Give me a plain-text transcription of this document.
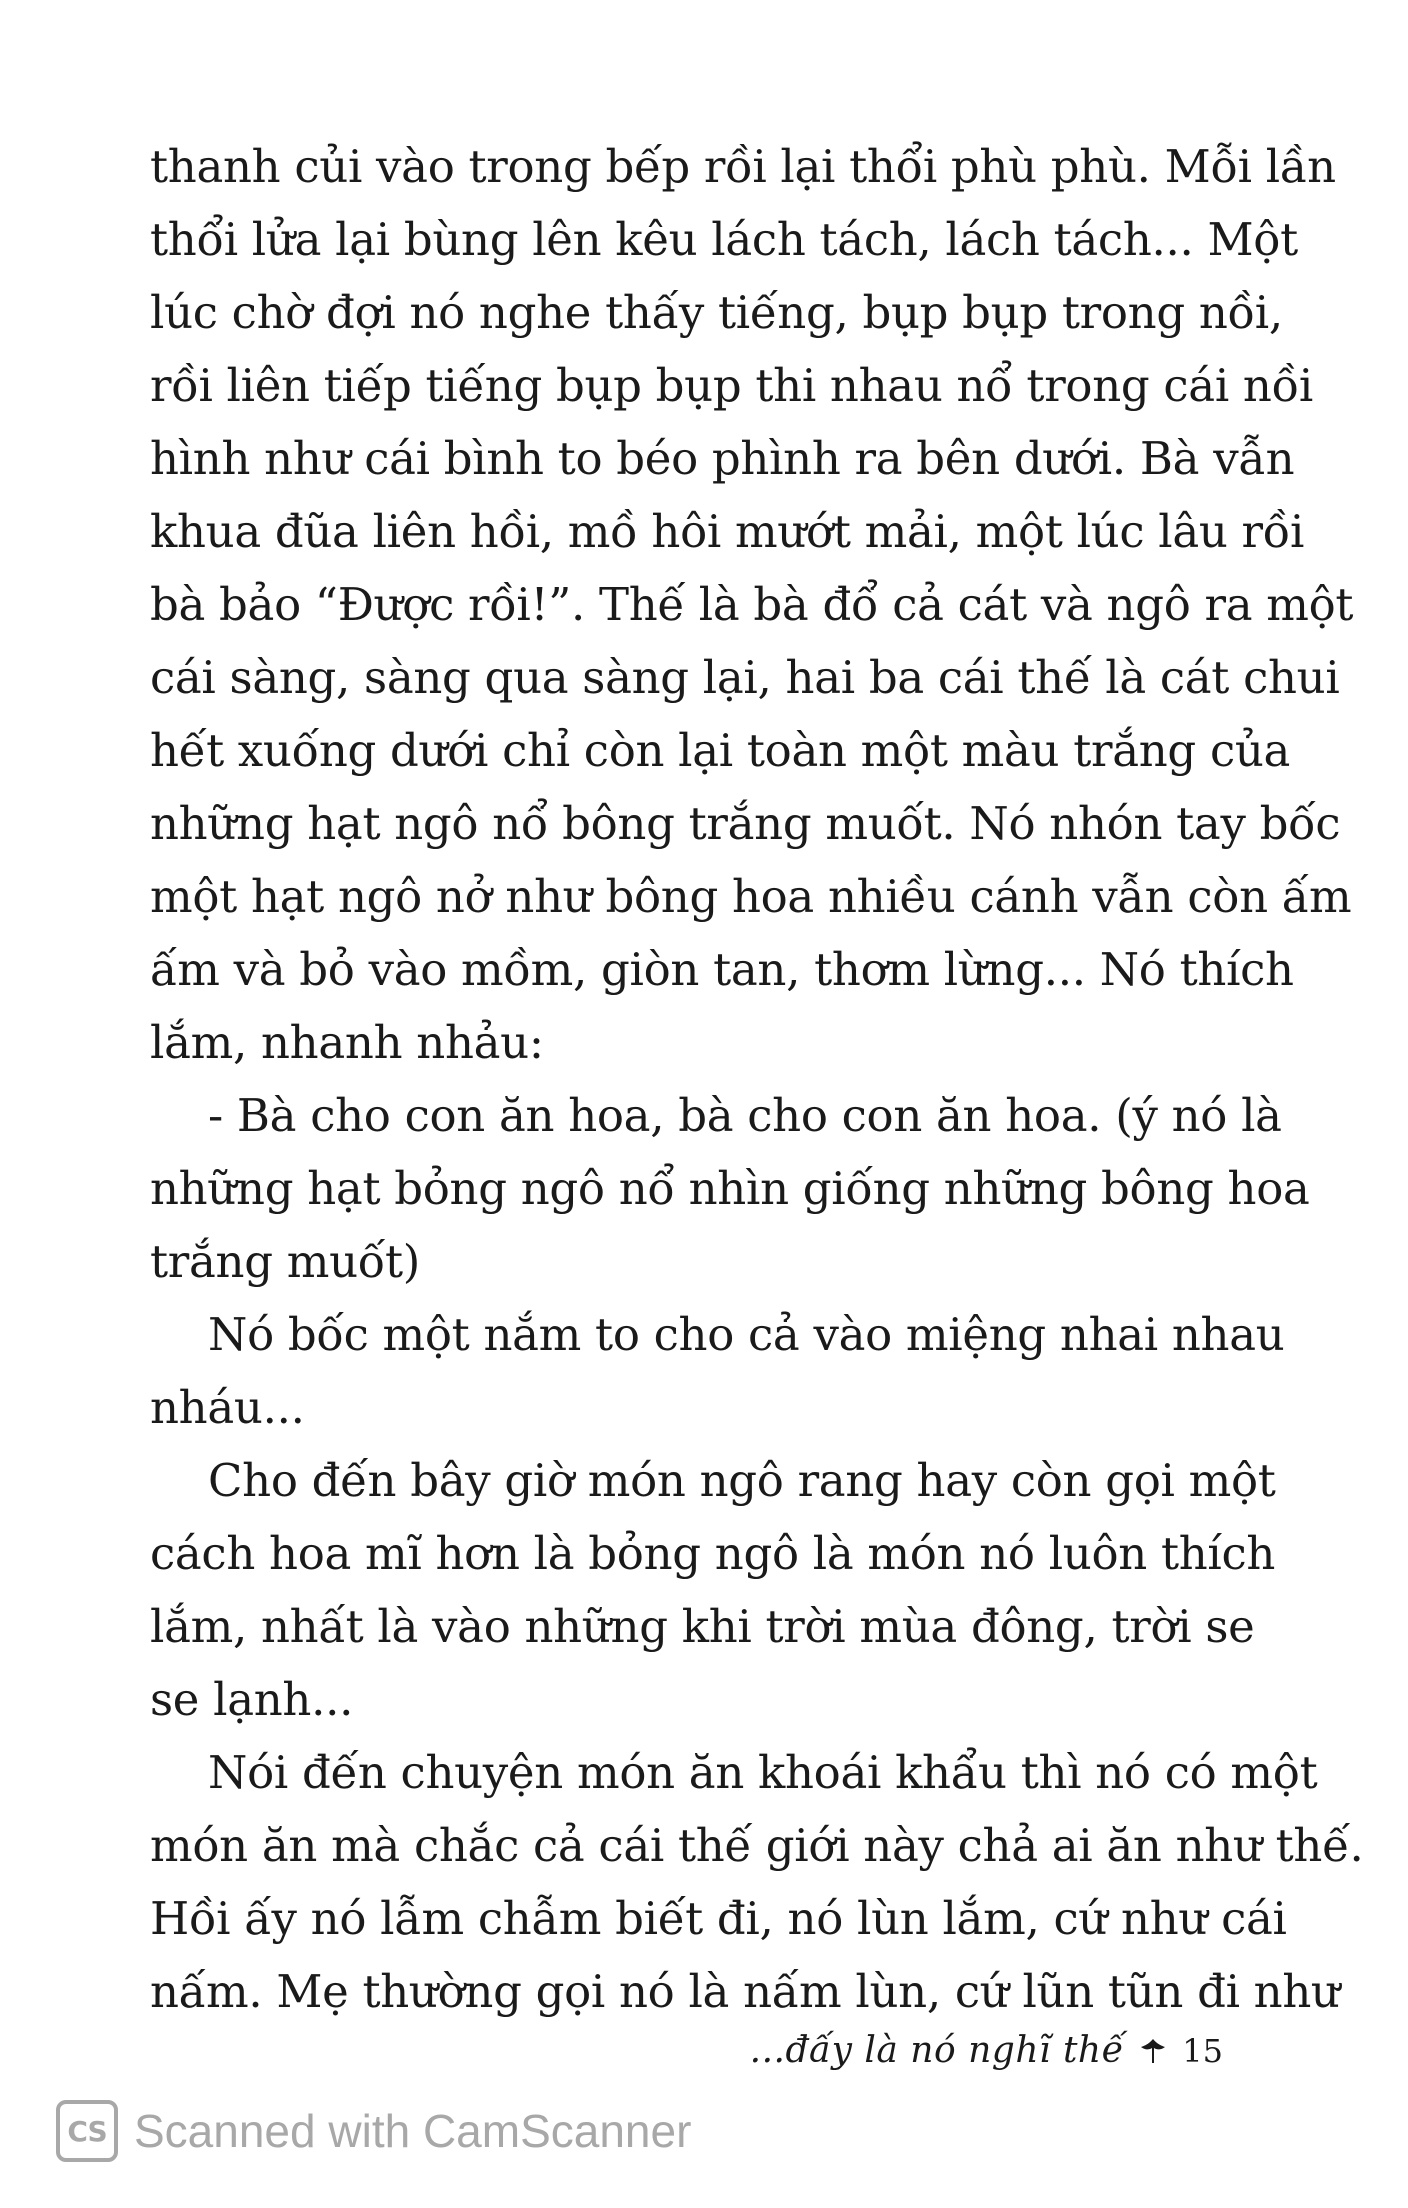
thanh củi vào trong bếp rồi lại thổi phù phù. Mỗi lần
thổi lửa lại bùng lên kêu lách tách, lách tách... Một
lúc chờ đợi nó nghe thấy tiếng, bụp bụp trong nồi,
rồi liên tiếp tiếng bụp bụp thi nhau nổ trong cái nồi
hình như cái bình to béo phình ra bên dưới. Bà vẫn
khua đũa liên hồi, mồ hôi mướt mải, một lúc lâu rồi
bà bảo “Được rồi!”. Thế là bà đổ cả cát và ngô ra một
cái sàng, sàng qua sàng lại, hai ba cái thế là cát chui
hết xuống dưới chỉ còn lại toàn một màu trắng của
những hạt ngô nổ bông trắng muốt. Nó nhón tay bốc
một hạt ngô nở như bông hoa nhiều cánh vẫn còn ấm
ấm và bỏ vào mồm, giòn tan, thơm lừng... Nó thích
lắm, nhanh nhảu:
- Bà cho con ăn hoa, bà cho con ăn hoa. (ý nó là
những hạt bỏng ngô nổ nhìn giống những bông hoa
trắng muốt)
Nó bốc một nắm to cho cả vào miệng nhai nhau
nháu...
Cho đến bây giờ món ngô rang hay còn gọi một
cách hoa mĩ hơn là bỏng ngô là món nó luôn thích
lắm, nhất là vào những khi trời mùa đông, trời se
se lạnh...
Nói đến chuyện món ăn khoái khẩu thì nó có một
món ăn mà chắc cả cái thế giới này chả ai ăn như thế.
Hồi ấy nó lẫm chẫm biết đi, nó lùn lắm, cứ như cái
nấm. Mẹ thường gọi nó là nấm lùn, cứ lũn tũn đi như
...đấy là nó nghĩ thế 15
CS Scanned with CamScanner
